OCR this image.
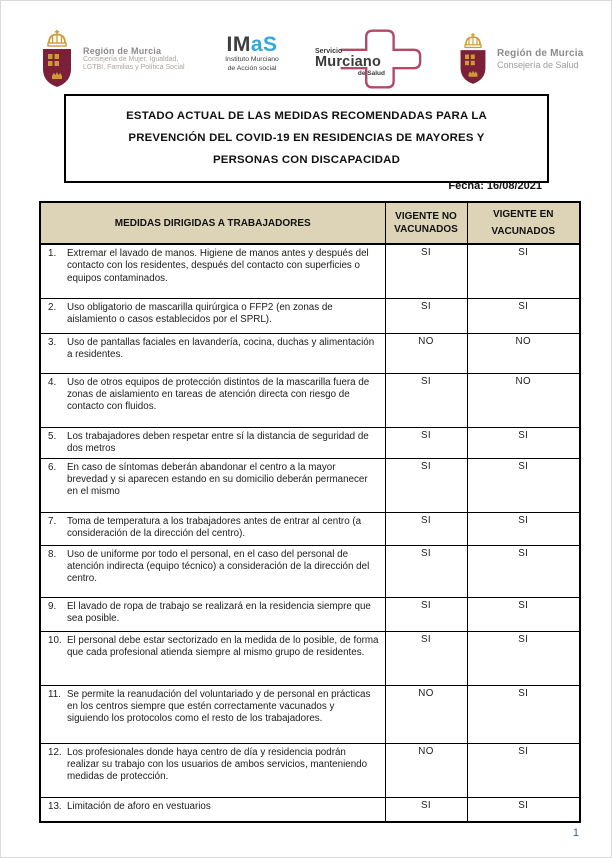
Región de Murcia
Consejería de Mujer, Igualdad,
LGTBI, Familias y Política Social
IMaS
Instituto Murciano
de Acción social
Servicio
Murciano
de Salud
Región de Murcia
Consejería de Salud

ESTADO ACTUAL DE LAS MEDIDAS RECOMENDADAS PARA LA PREVENCIÓN DEL COVID-19 EN RESIDENCIAS DE MAYORES Y PERSONAS CON DISCAPACIDAD

Fecha: 16/08/2021
MEDIDAS DIRIGIDAS A TRABAJADORES	VIGENTE NO VACUNADOS	VIGENTE EN VACUNADOS

1. Extremar el lavado de manos. Higiene de manos antes y después del contacto con los residentes, después del contacto con superficies o equipos contaminados.	SI	SI

2. Uso obligatorio de mascarilla quirúrgica o FFP2 (en zonas de aislamiento o casos establecidos por el SPRL).	SI	SI

3. Uso de pantallas faciales en lavandería, cocina, duchas y alimentación a residentes.	NO	NO

4. Uso de otros equipos de protección distintos de la mascarilla fuera de zonas de aislamiento en tareas de atención directa con riesgo de contacto con fluidos.	SI	NO

5. Los trabajadores deben respetar entre sí la distancia de seguridad de dos metros	SI	SI

6. En caso de síntomas deberán abandonar el centro a la mayor brevedad y si aparecen estando en su domicilio deberán permanecer en el mismo	SI	SI

7. Toma de temperatura a los trabajadores antes de entrar al centro (a consideración de la dirección del centro).	SI	SI

8. Uso de uniforme por todo el personal, en el caso del personal de atención indirecta (equipo técnico) a consideración de la dirección del centro.	SI	SI

9. El lavado de ropa de trabajo se realizará en la residencia siempre que sea posible.	SI	SI

10. El personal debe estar sectorizado en la medida de lo posible, de forma que cada profesional atienda siempre al mismo grupo de residentes.	SI	SI

11. Se permite la reanudación del voluntariado y de personal en prácticas en los centros siempre que estén correctamente vacunados y siguiendo los protocolos como el resto de los trabajadores.	NO	SI

12. Los profesionales donde haya centro de día y residencia podrán realizar su trabajo con los usuarios de ambos servicios, manteniendo medidas de protección.	NO	SI

13. Limitación de aforo en vestuarios	SI	SI
1
